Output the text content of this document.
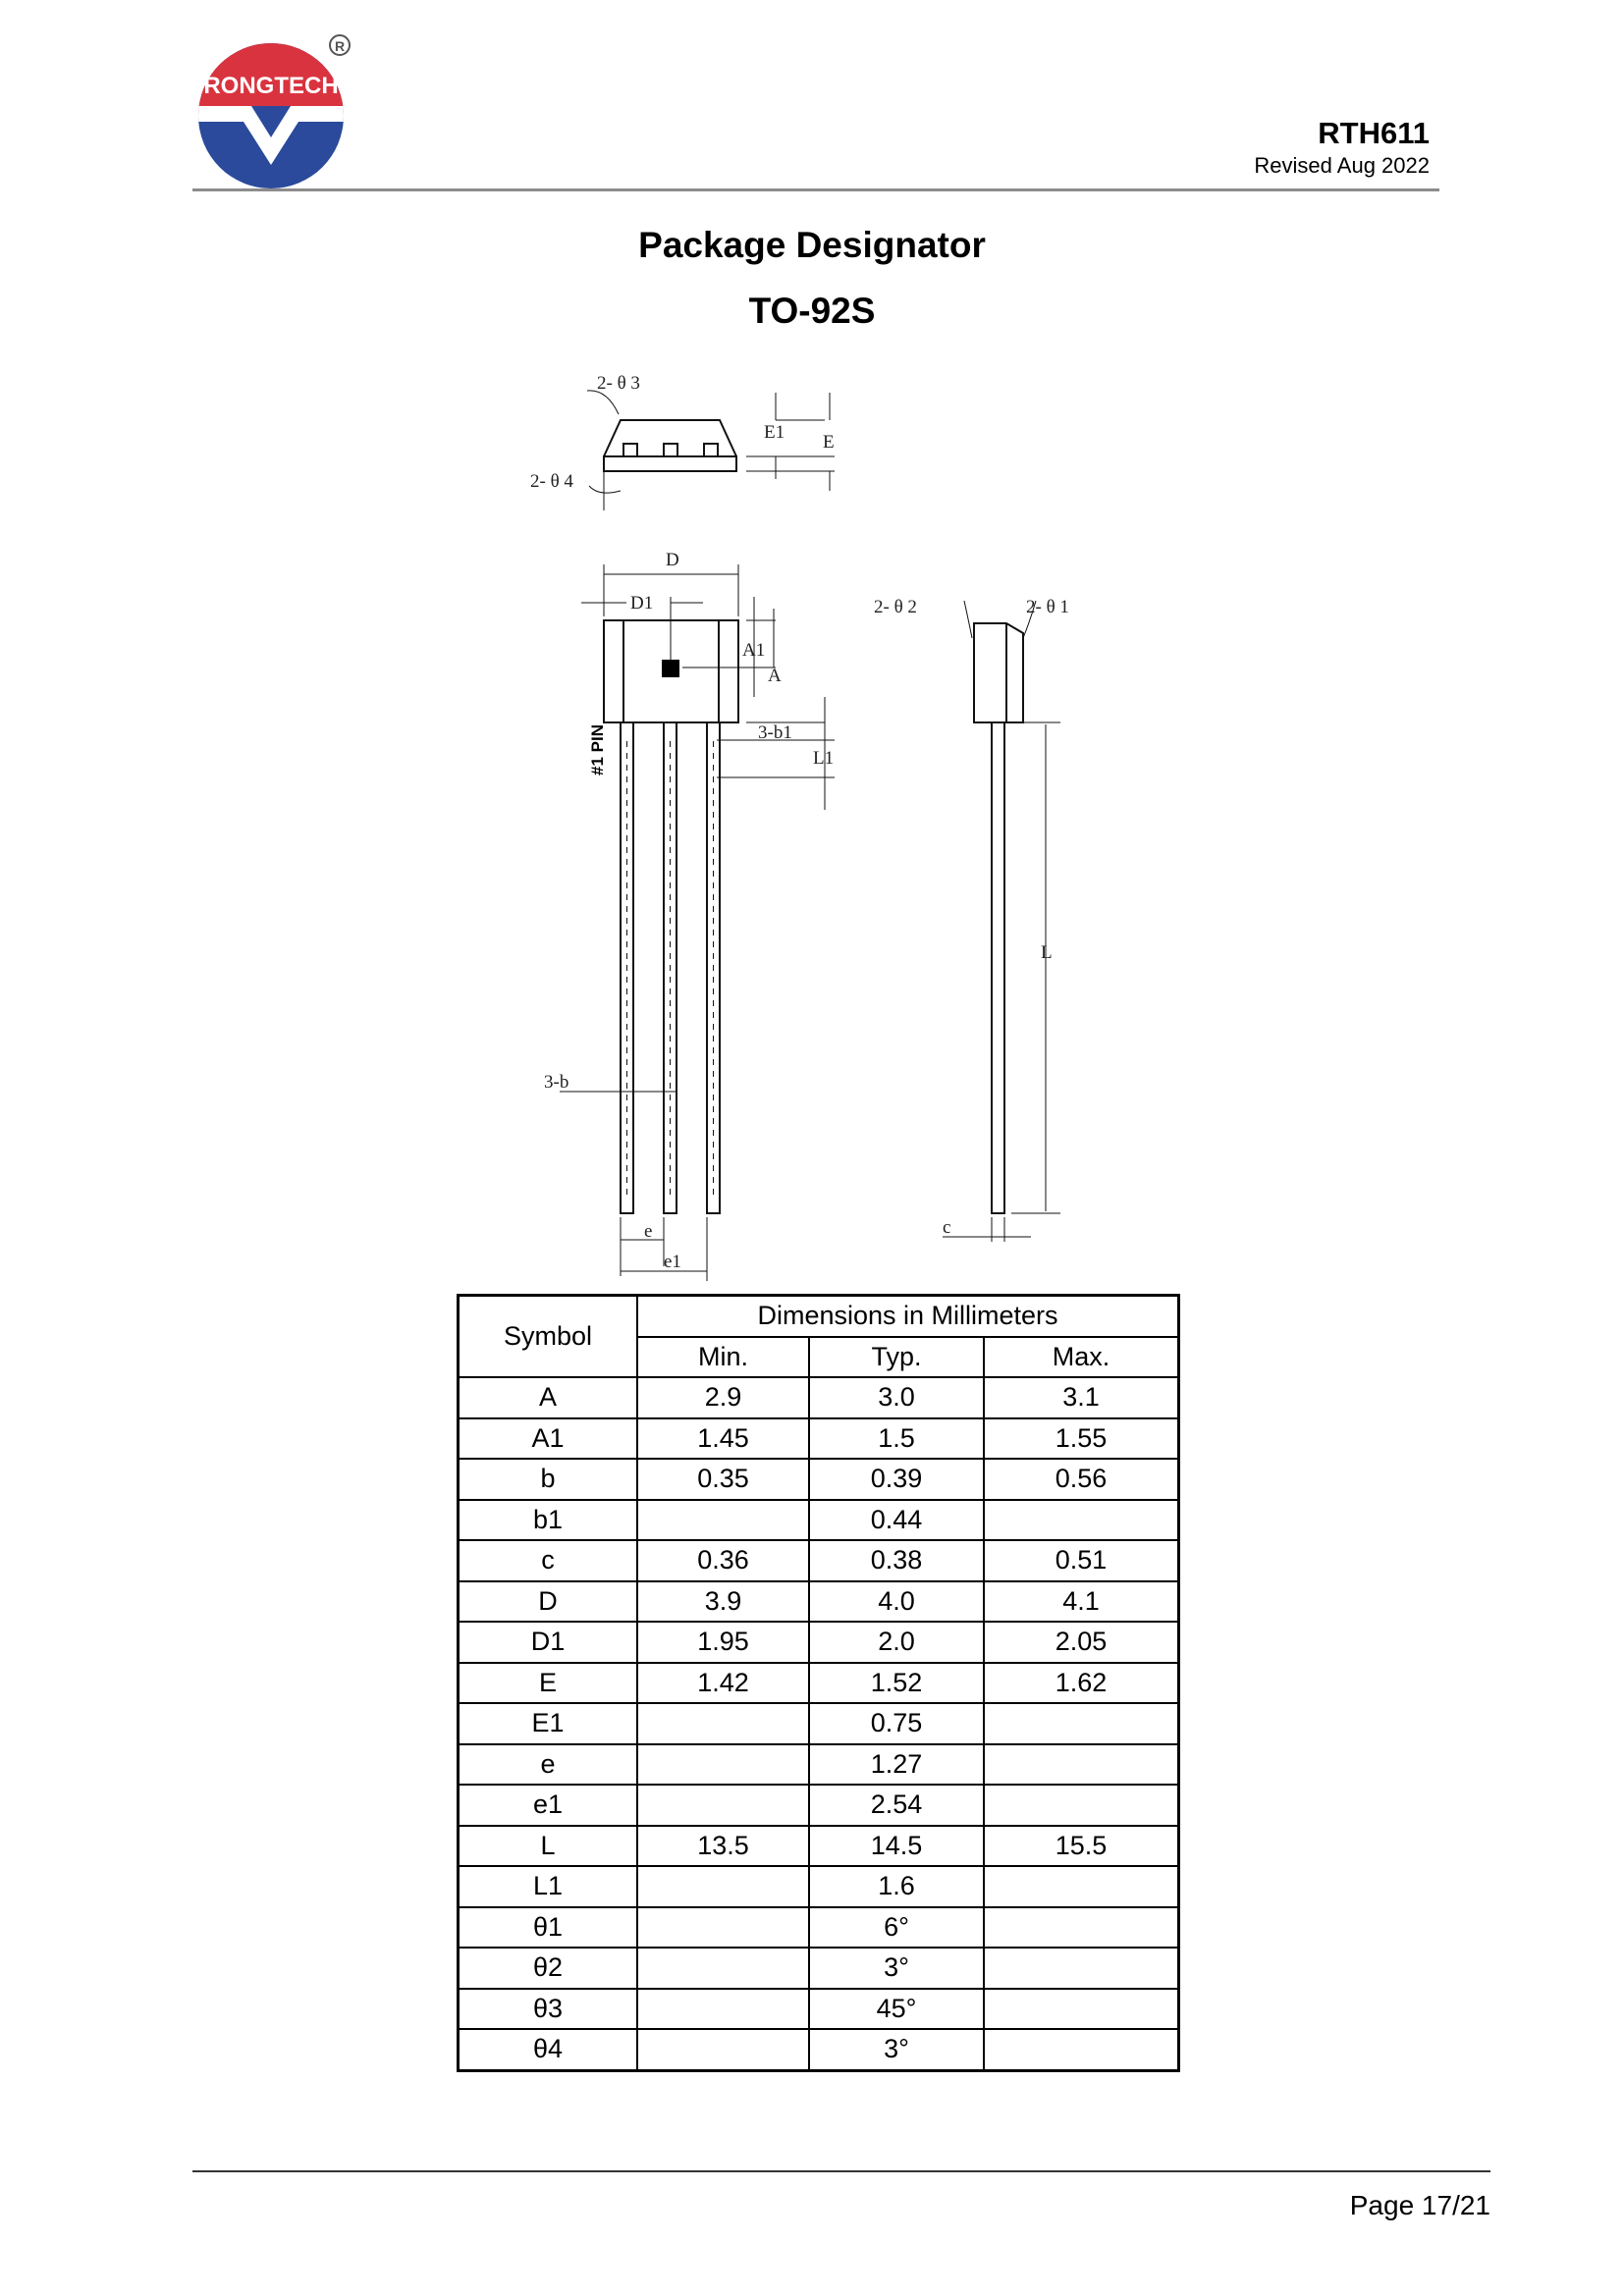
RONGTECH
R
RTH611
Revised Aug 2022
Package Designator
TO-92S
2- θ 3
2- θ 4
E1 E
D
D1
A1
A
3-b1
L1
#1 PIN
3-b
e
e1
2- θ 2	2- θ 1
L
c
Symbol	Dimensions in Millimeters		
	Min.	Typ.	Max.
A	2.9	3.0	3.1
A1	1.45	1.5	1.55
b	0.35	0.39	0.56
b1		0.44	
c	0.36	0.38	0.51
D	3.9	4.0	4.1
D1	1.95	2.0	2.05
E	1.42	1.52	1.62
E1		0.75	
e		1.27	
e1		2.54	
L	13.5	14.5	15.5
L1		1.6	
θ1		6°	
θ2		3°	
θ3		45°	
θ4		3°	
Page 17/21
